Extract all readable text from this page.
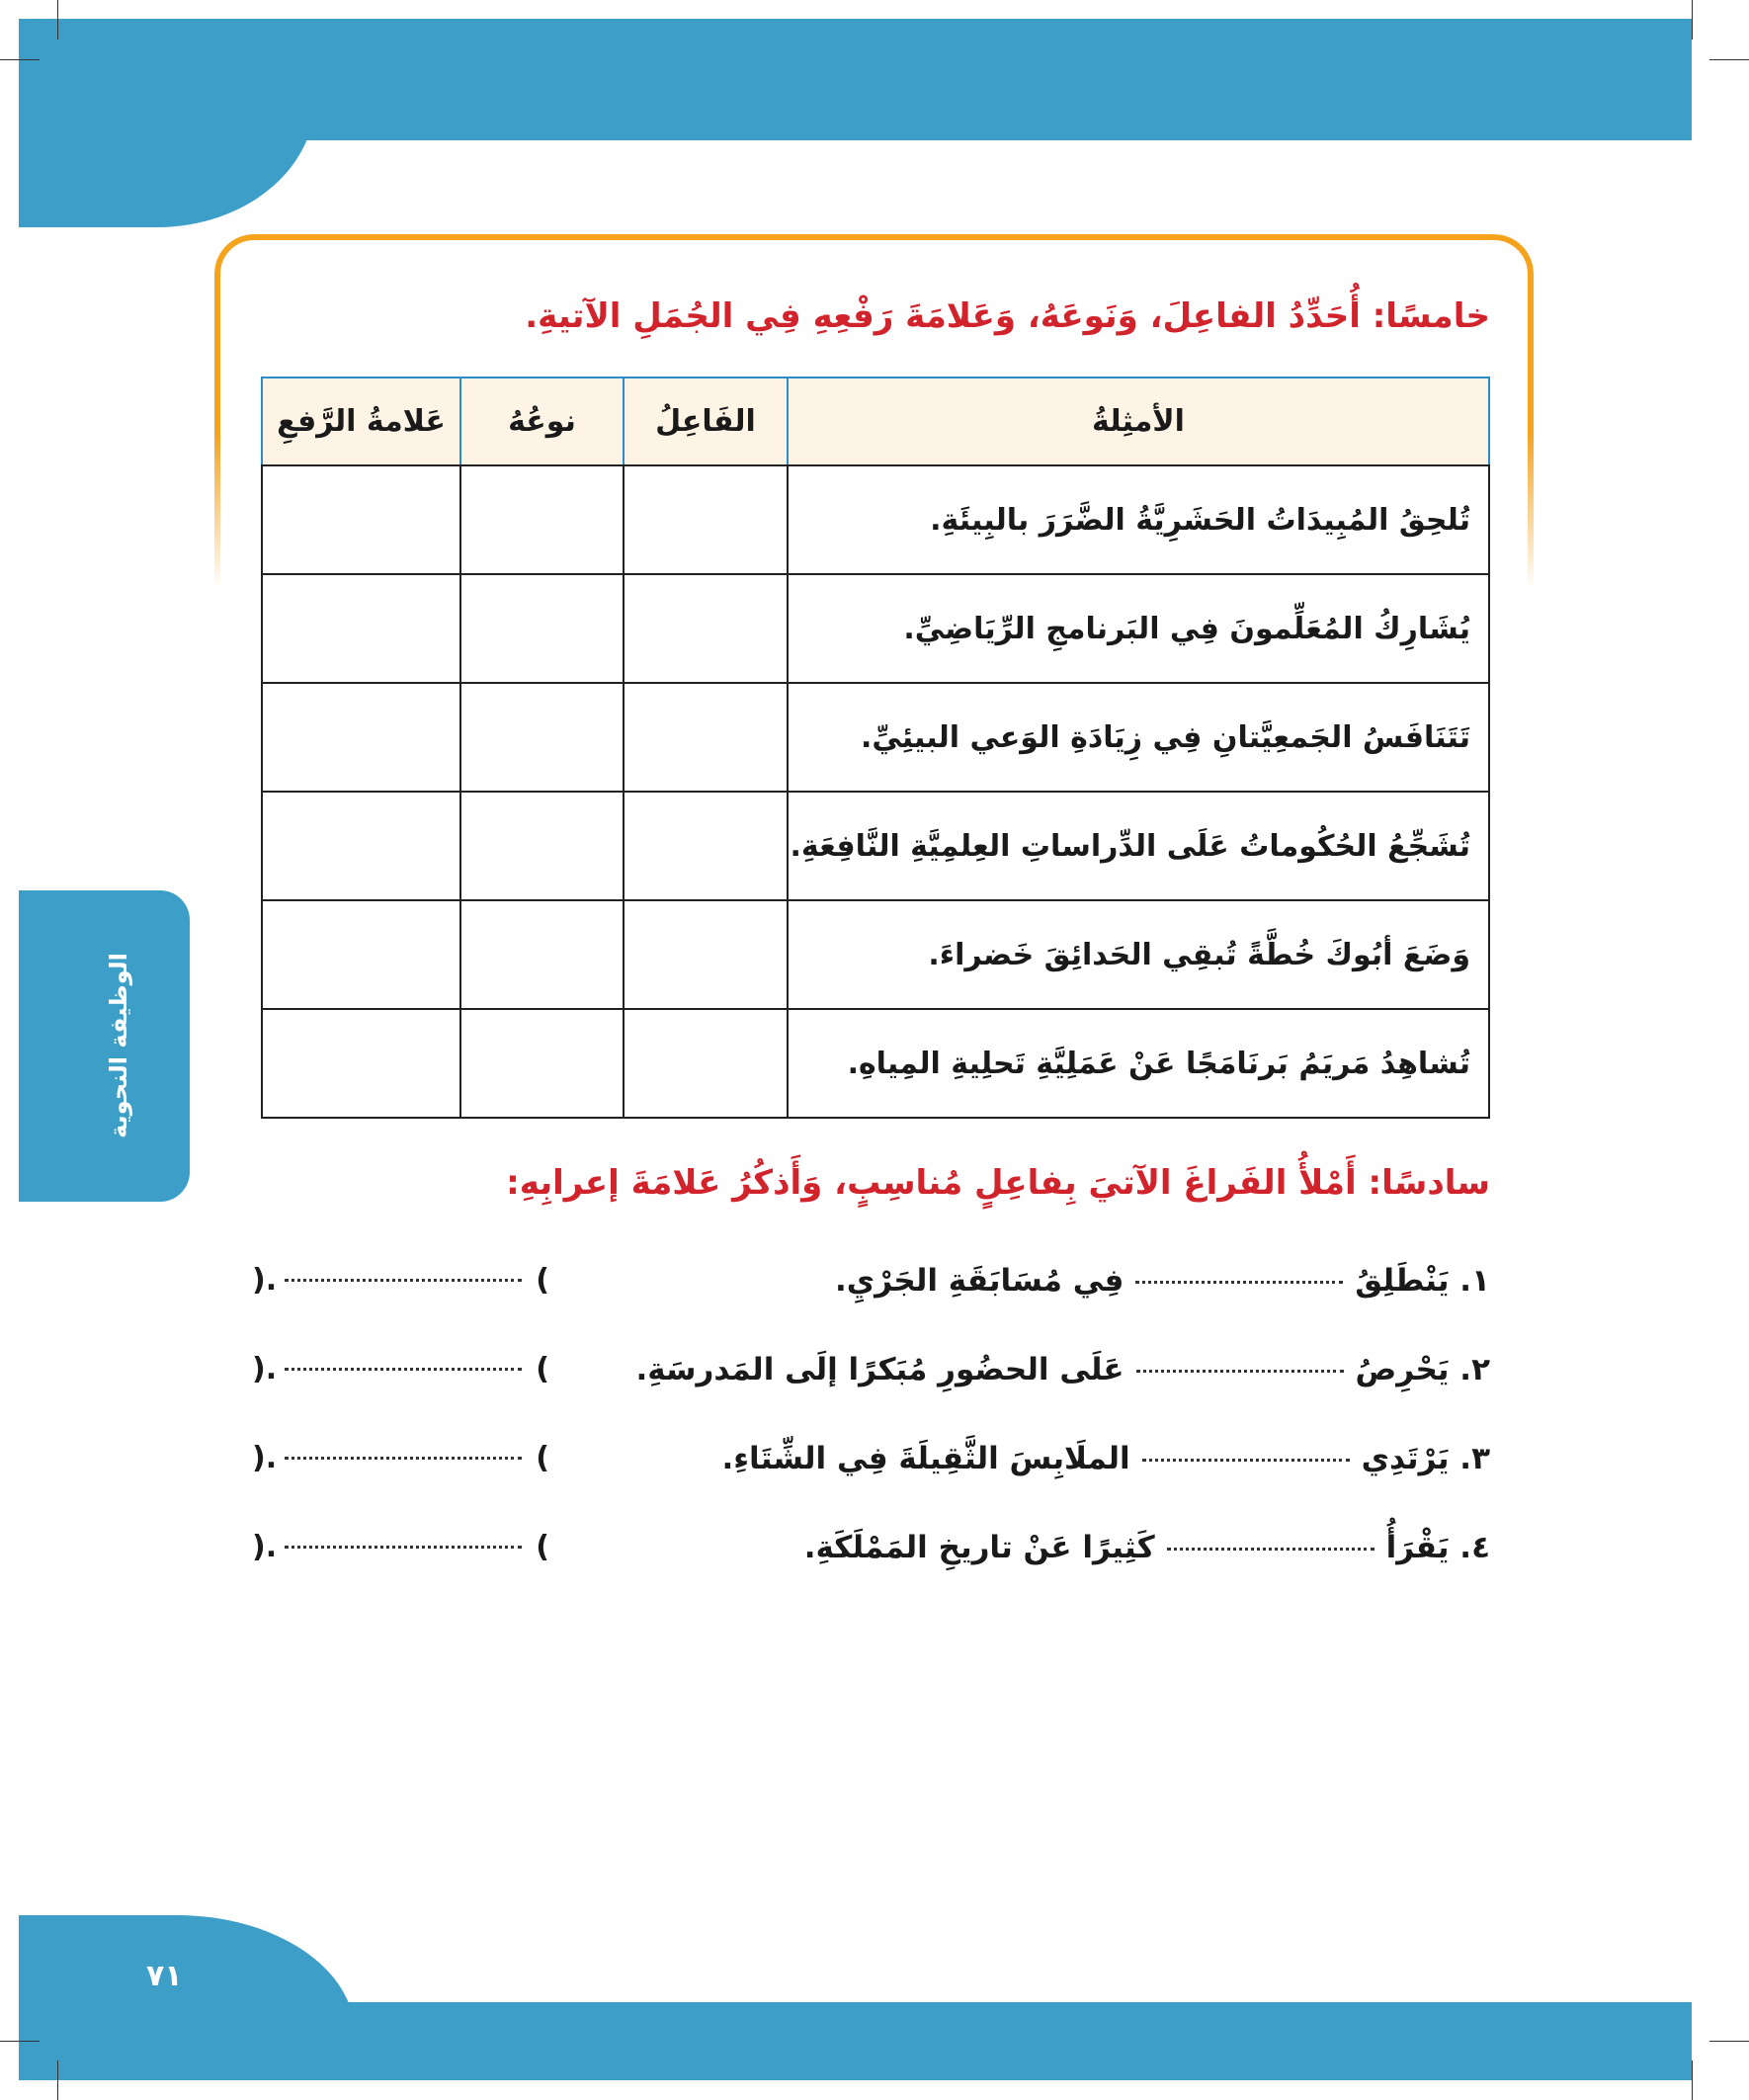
خامسًا: أُحَدِّدُ الفاعِلَ، وَنَوعَهُ، وَعَلامَةَ رَفْعِهِ فِي الجُمَلِ الآتيةِ.
الأمثِلةُ	الفَاعِلُ	نوعُهُ	عَلامةُ الرَّفعِ
تُلحِقُ المُبِيدَاتُ الحَشَرِيَّةُ الضَّرَرَ بالبِيئَةِ.			
يُشَارِكُ المُعَلِّمونَ فِي البَرنامجِ الرِّيَاضِيِّ.			
تَتَنَافَسُ الجَمعِيَّتانِ فِي زِيَادَةِ الوَعي البيئِيِّ.			
تُشَجِّعُ الحُكُوماتُ عَلَى الدِّراساتِ العِلمِيَّةِ النَّافِعَةِ.			
وَضَعَ أبُوكَ خُطَّةً تُبقِي الحَدائِقَ خَضراءَ.			
تُشاهِدُ مَريَمُ بَرنَامَجًا عَنْ عَمَلِيَّةِ تَحلِيةِ المِياهِ.			
الوظيفة النحوية
سادسًا: أَمْلأُ الفَراغَ الآتيَ بِفاعِلٍ مُناسِبٍ، وَأَذكُرُ عَلامَةَ إعرابِهِ:
١. يَنْطَلِقُفِي مُسَابَقَةِ الجَرْيِ.
٢. يَحْرِصُعَلَى الحضُورِ مُبَكرًا إلَى المَدرسَةِ.
٣. يَرْتَدِيالملَابِسَ الثَّقِيلَةَ فِي الشِّتَاءِ.
٤. يَقْرَأُكَثِيرًا عَنْ تاريخِ المَمْلَكَةِ.
).	(
).	(
).	(
).	(
٧١
